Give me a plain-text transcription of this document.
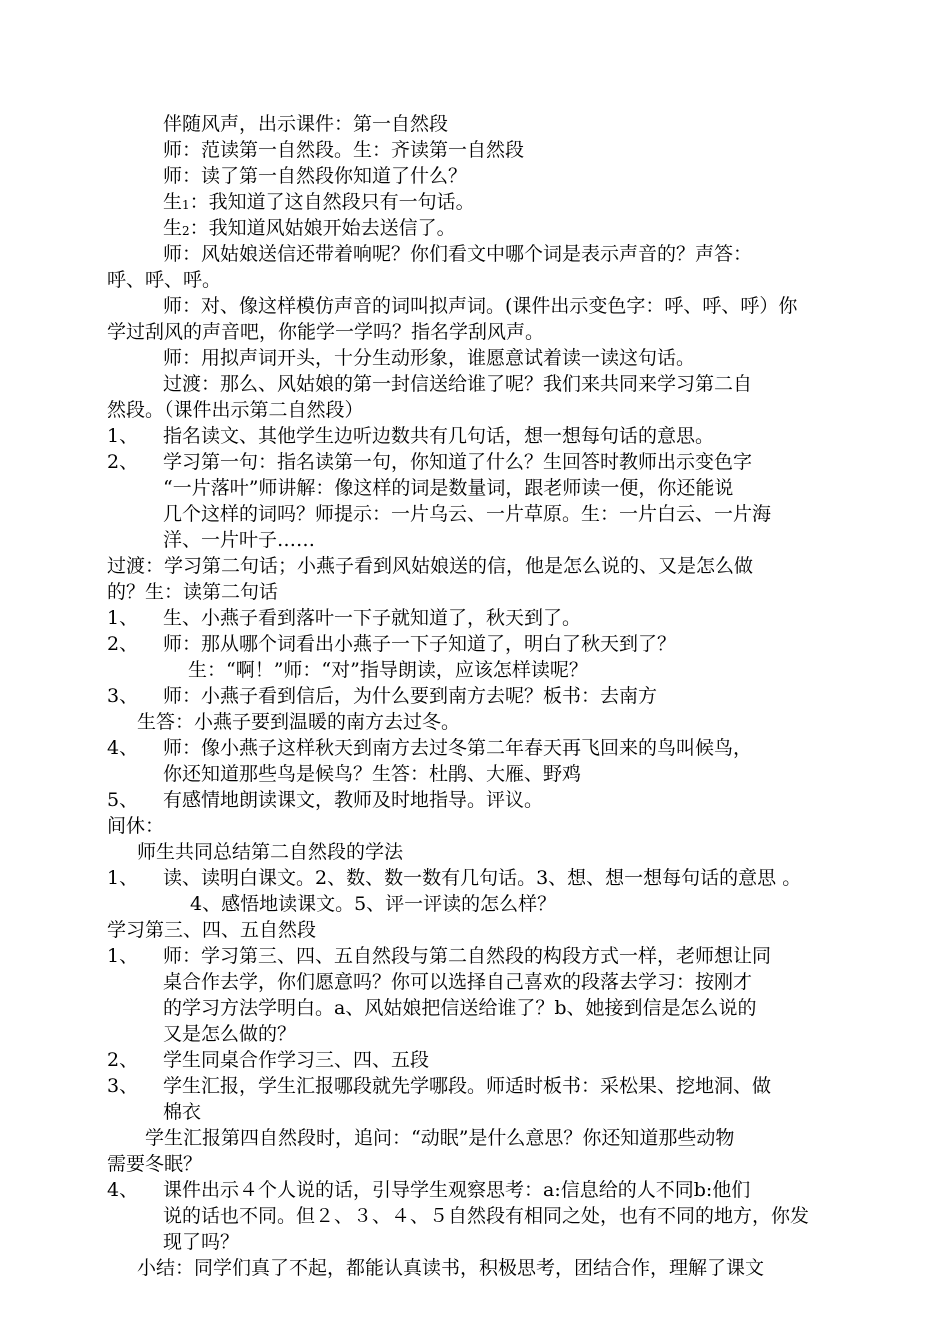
伴随风声，出示课件：第一自然段
师：范读第一自然段。生：齐读第一自然段
师：读了第一自然段你知道了什么？
生$_1$：我知道了这自然段只有一句话。
生$_2$：我知道风姑娘开始去送信了。
师：风姑娘送信还带着响呢？你们看文中哪个词是表示声音的？声答：
呼、呼、呼。
师：对、像这样模仿声音的词叫拟声词。(课件出示变色字：呼、呼、呼）你
学过刮风的声音吧，你能学一学吗？指名学刮风声。
师：用拟声词开头，十分生动形象，谁愿意试着读一读这句话。
过渡：那么、风姑娘的第一封信送给谁了呢？我们来共同来学习第二自
然段。（课件出示第二自然段）
1、 指名读文、其他学生边听边数共有几句话，想一想每句话的意思。
2、 学习第一句：指名读第一句，你知道了什么？生回答时教师出示变色字
“一片落叶”师讲解：像这样的词是数量词，跟老师读一便，你还能说
几个这样的词吗？师提示：一片乌云、一片草原。生：一片白云、一片海
洋、一片叶子……
过渡：学习第二句话；小燕子看到风姑娘送的信，他是怎么说的、又是怎么做
的？生：读第二句话
1、 生、小燕子看到落叶一下子就知道了，秋天到了。
2、 师：那从哪个词看出小燕子一下子知道了，明白了秋天到了？
生：“啊！”师：“对”指导朗读，应该怎样读呢？
3、 师：小燕子看到信后，为什么要到南方去呢？板书：去南方
生答：小燕子要到温暖的南方去过冬。
4、 师：像小燕子这样秋天到南方去过冬第二年春天再飞回来的鸟叫候鸟，
你还知道那些鸟是候鸟？生答：杜鹃、大雁、野鸡
5、 有感情地朗读课文，教师及时地指导。评议。
间休：
师生共同总结第二自然段的学法
1、 读、读明白课文。2、数、数一数有几句话。3、想、想一想每句话的意思 。
4、感悟地读课文。5、评一评读的怎么样？
学习第三、四、五自然段
1、 师：学习第三、四、五自然段与第二自然段的构段方式一样，老师想让同
桌合作去学，你们愿意吗？你可以选择自己喜欢的段落去学习：按刚才
的学习方法学明白。a、风姑娘把信送给谁了？b、她接到信是怎么说的
又是怎么做的？
2、 学生同桌合作学习三、四、五段
3、 学生汇报，学生汇报哪段就先学哪段。师适时板书：采松果、挖地洞、做
棉衣
学生汇报第四自然段时，追问：“动眠”是什么意思？你还知道那些动物
需要冬眠？
4、 课件出示４个人说的话，引导学生观察思考：a:信息给的人不同b:他们
说的话也不同。但２、３、４、５自然段有相同之处，也有不同的地方，你发
现了吗？
小结：同学们真了不起，都能认真读书，积极思考，团结合作，理解了课文
